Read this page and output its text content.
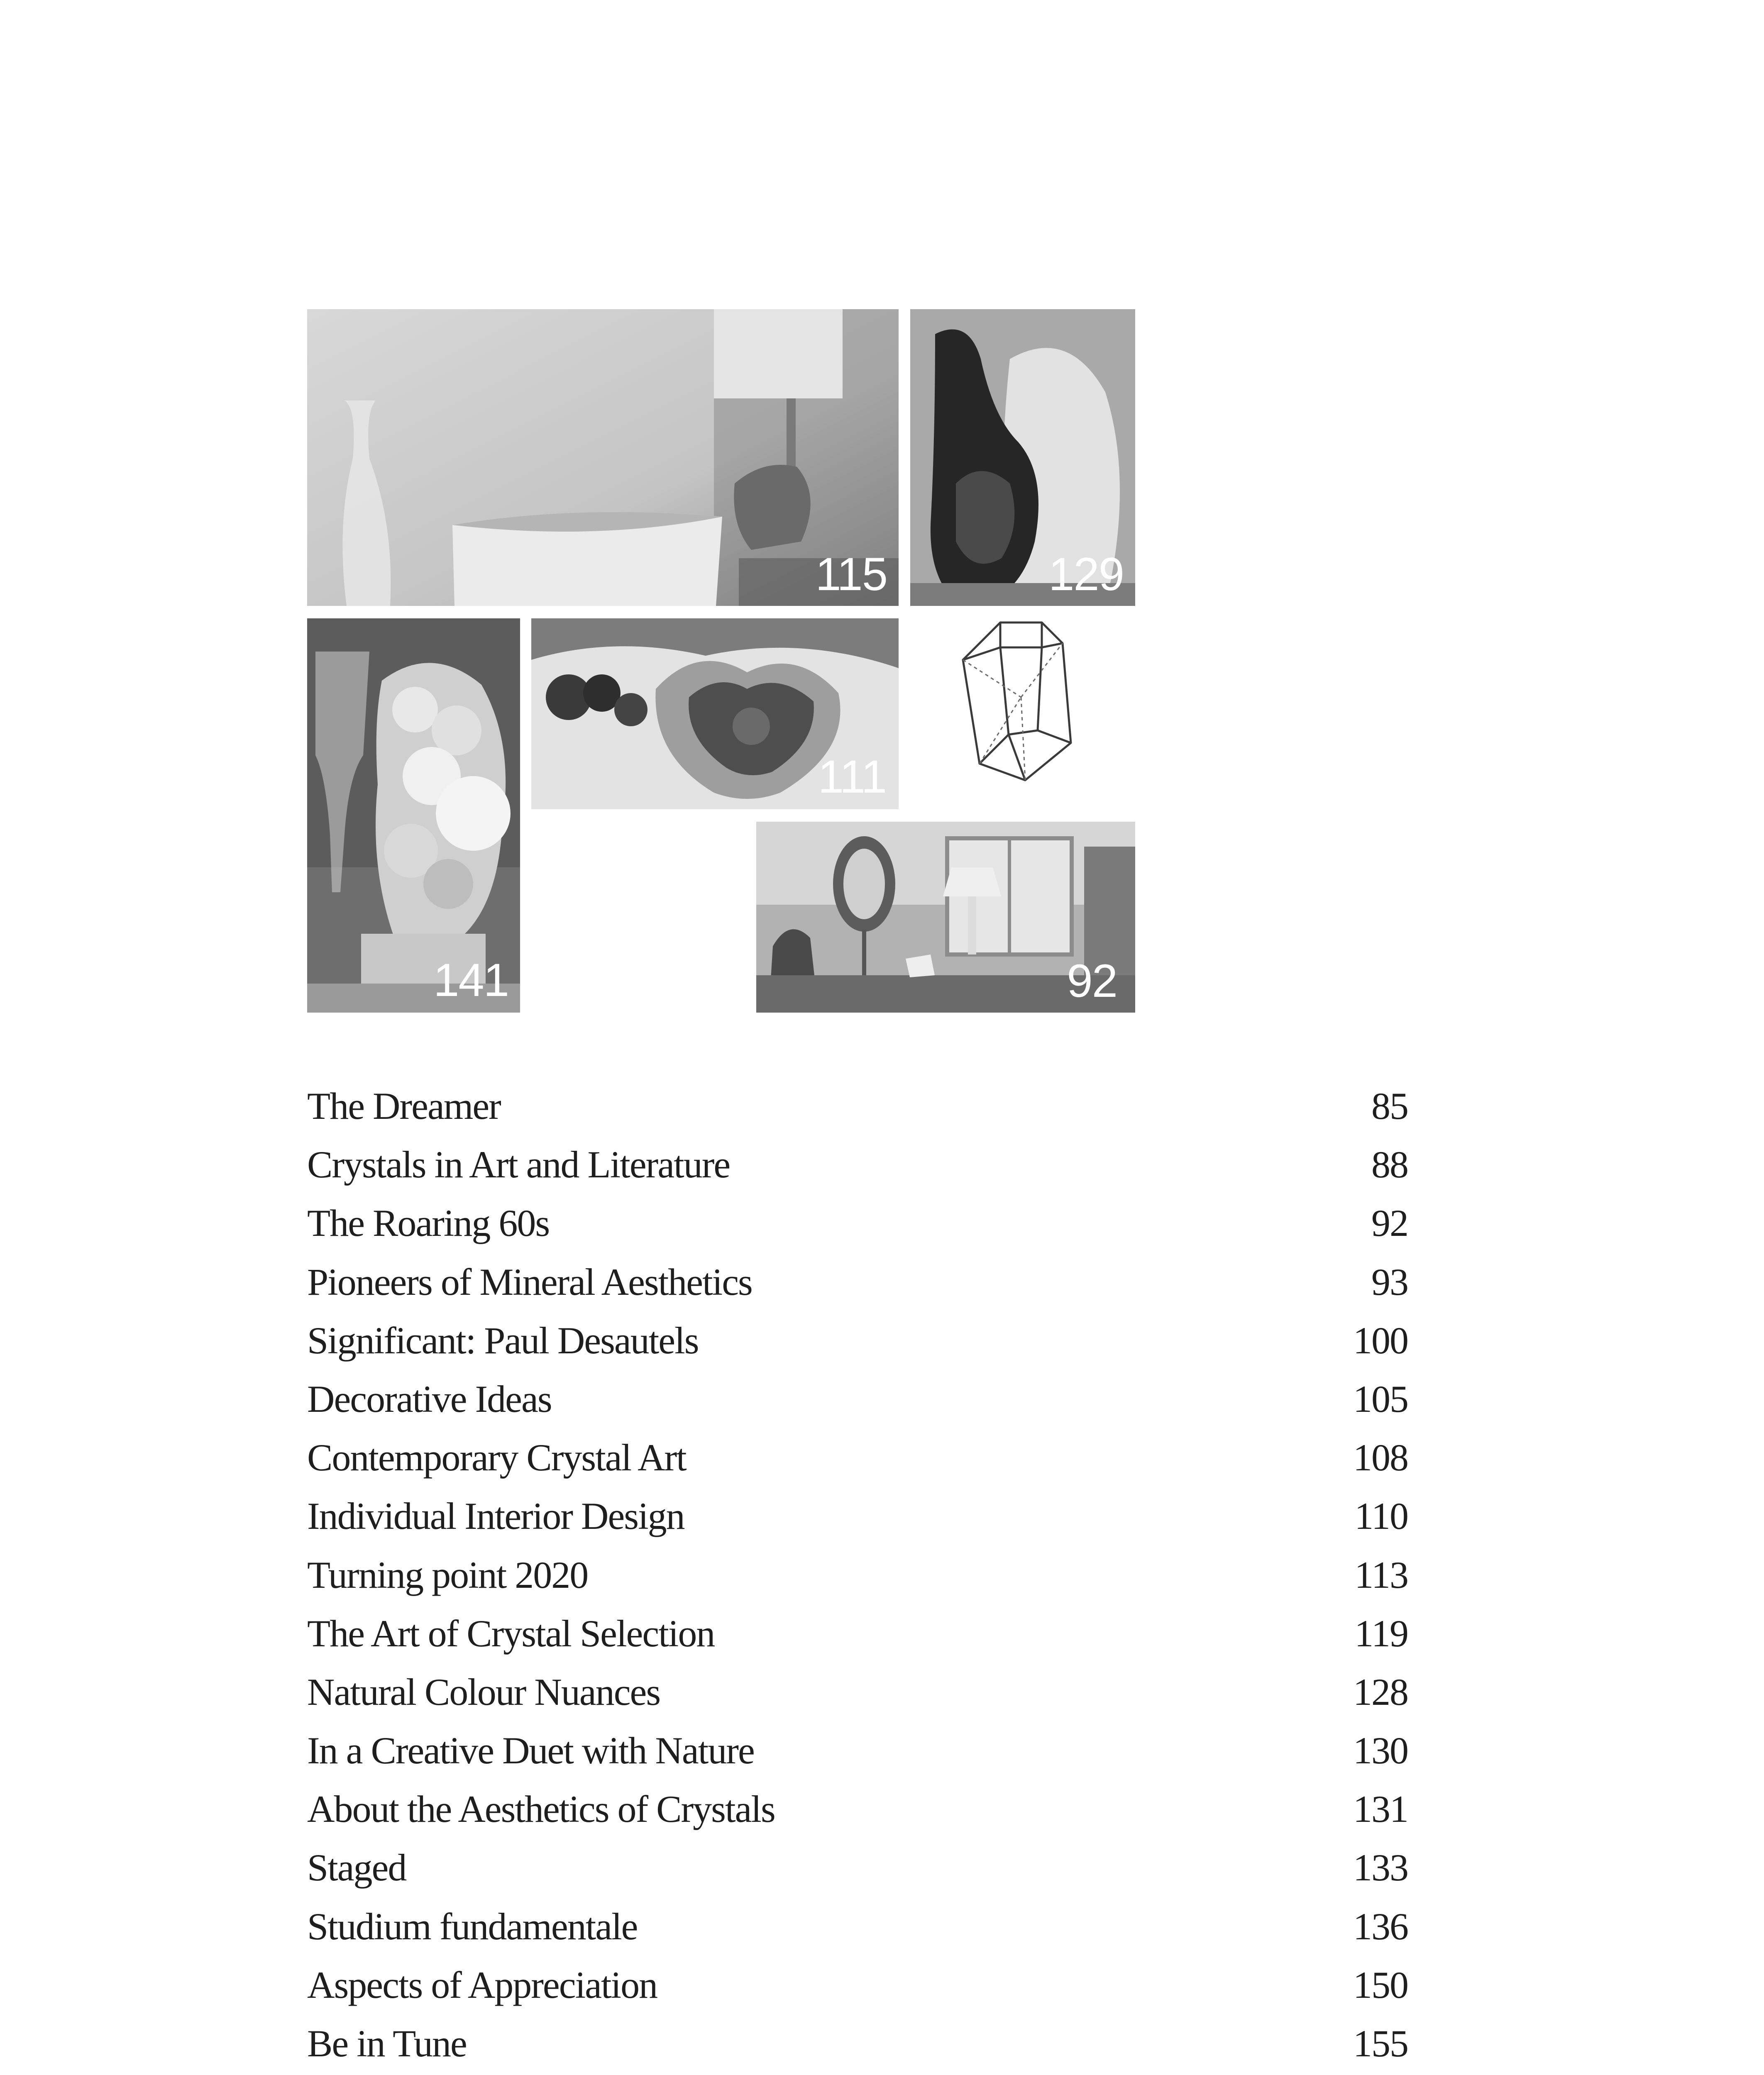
115	129
141
111
92
The Dreamer	85
Crystals in Art and Literature	88
The Roaring 60s	92
Pioneers of Mineral Aesthetics	93
Significant: Paul Desautels	100
Decorative Ideas	105
Contemporary Crystal Art	108
Individual Interior Design	110
Turning point 2020	113
The Art of Crystal Selection	119
Natural Colour Nuances	128
In a Creative Duet with Nature	130
About the Aesthetics of Crystals	131
Staged	133
Studium fundamentale	136
Aspects of Appreciation	150
Be in Tune	155
